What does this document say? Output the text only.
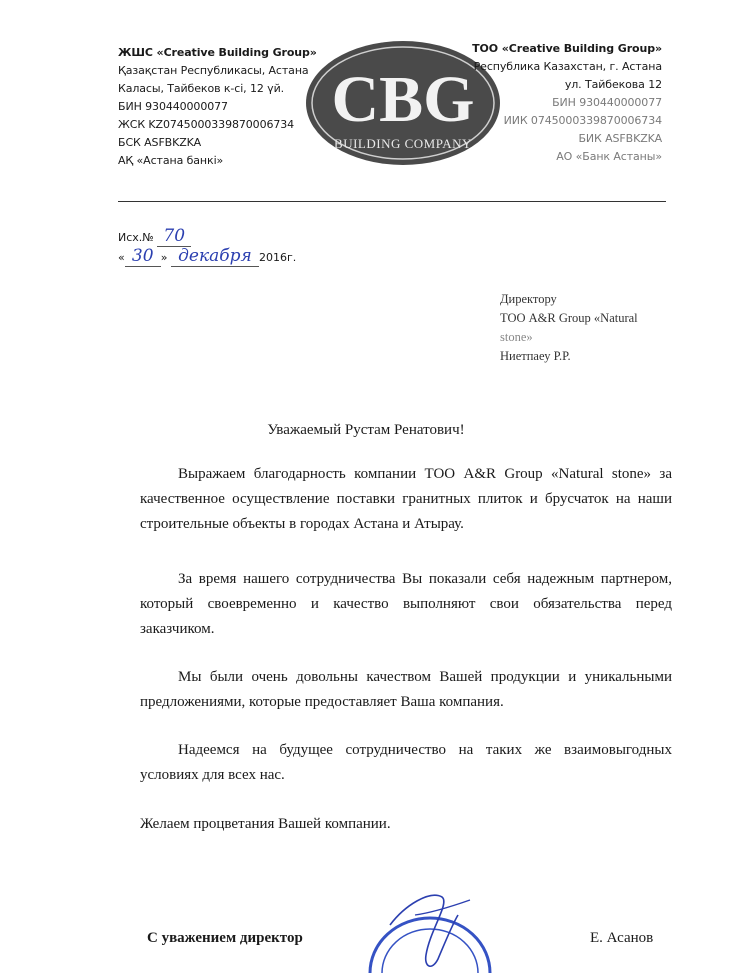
ЖШС «Creative Building Group»
Қазақстан Республикасы, Астана
Каласы, Тайбеков к-сі, 12 үй.
БИН 930440000077
ЖСК KZ0745000339870006734
БСК ASFBKZKA
АҚ «Астана банкі»
CBG
BUILDING COMPANY
ТОО «Creative Building Group»
Республика Казахстан, г. Астана
ул. Тайбекова 12
БИН 930440000077
ИИК 0745000339870006734
БИК ASFBKZKA
АО «Банк Астаны»
Исх.№ 70
« 30 » декабря 2016г.
Директору
ТОО A&R Group «Natural
stone»
Ниетпаеу Р.Р.
Уважаемый Рустам Ренатович!
Выражаем благодарность компании ТОО A&R Group «Natural stone» за качественное осуществление поставки гранитных плиток и брусчаток на наши строительные объекты в городах Астана и Атырау.
За время нашего сотрудничества Вы показали себя надежным партнером, который своевременно и качество выполняют свои обязательства перед заказчиком.
Мы были очень довольны качеством Вашей продукции и уникальными предложениями, которые предоставляет Ваша компания.
Надеемся на будущее сотрудничество на таких же взаимовыгодных условиях для всех нас.
Желаем процветания Вашей компании.
С уважением директор	Е. Асанов
